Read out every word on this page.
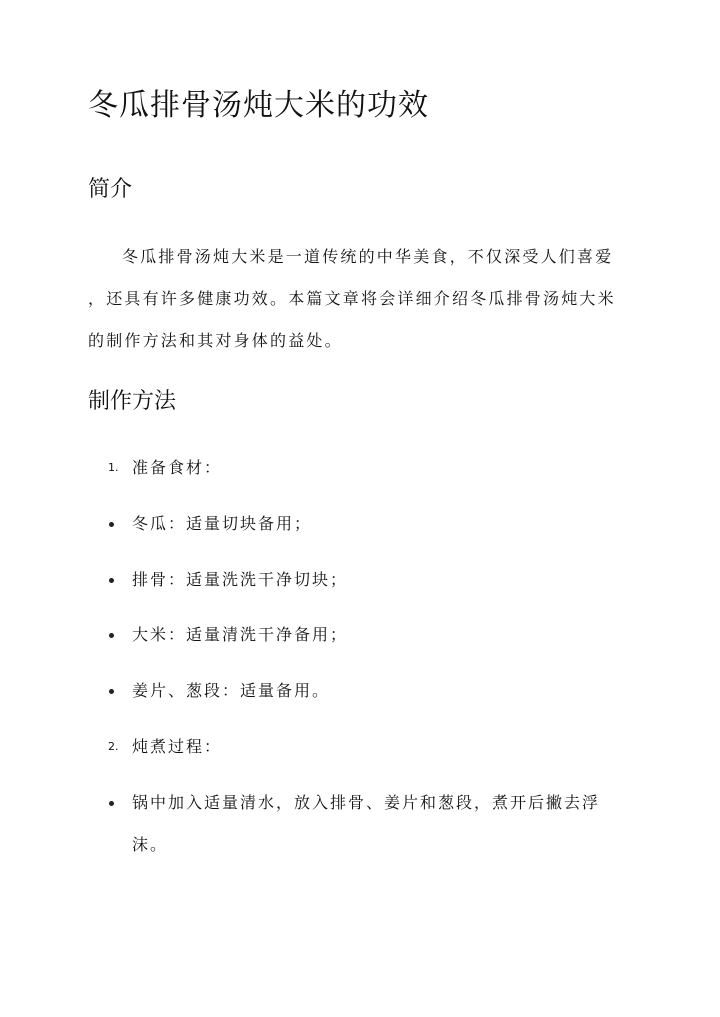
冬瓜排骨汤炖大米的功效
简介

冬瓜排骨汤炖大米是一道传统的中华美食，不仅深受人们喜爱

，还具有许多健康功效。本篇文章将会详细介绍冬瓜排骨汤炖大米

的制作方法和其对身体的益处。

制作方法
1. 准备食材：
冬瓜：适量切块备用；
排骨：适量洗洗干净切块；
大米：适量清洗干净备用；
姜片、葱段：适量备用。
2. 炖煮过程：
锅中加入适量清水，放入排骨、姜片和葱段，煮开后撇去浮
沫。
